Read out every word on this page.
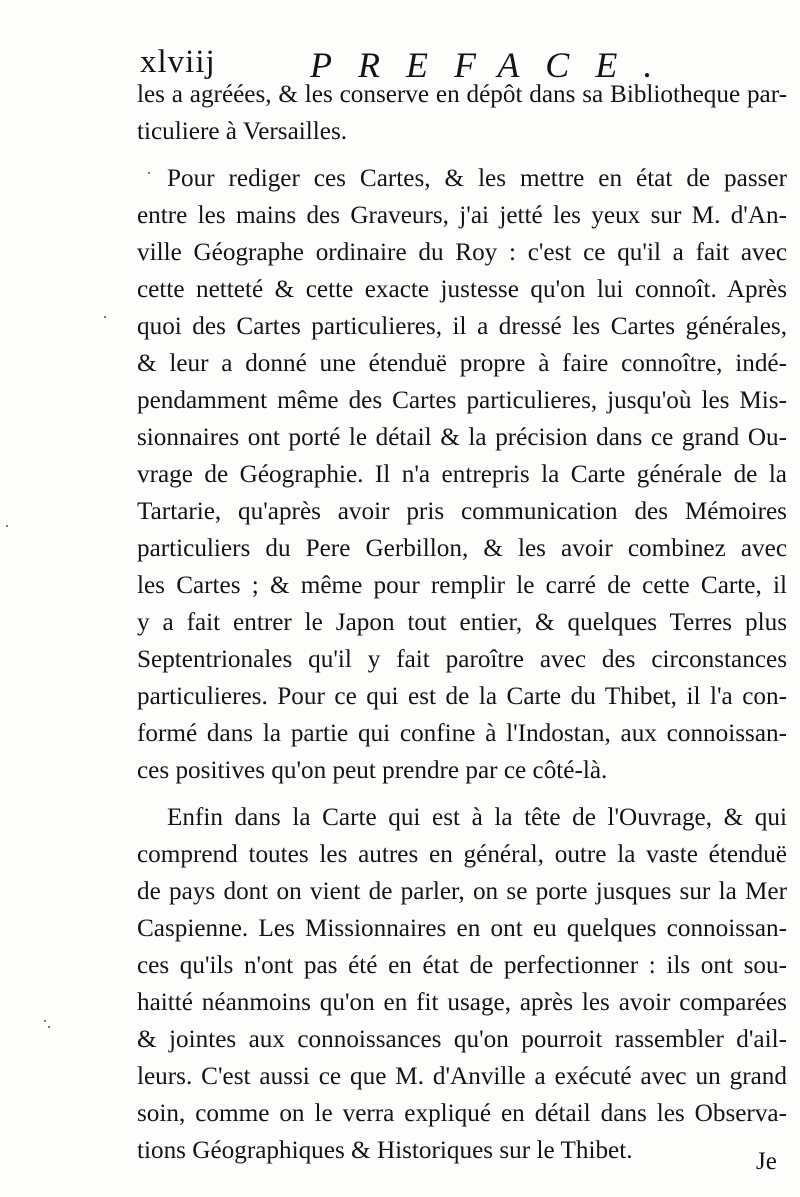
xlviij	PREFACE.
les a agréées, & les conserve en dépôt dans sa Bibliotheque par-
ticuliere à Versailles.
Pour rediger ces Cartes, & les mettre en état de passer
entre les mains des Graveurs, j'ai jetté les yeux sur M. d'An-
ville Géographe ordinaire du Roy : c'est ce qu'il a fait avec
cette netteté & cette exacte justesse qu'on lui connoît. Après
quoi des Cartes particulieres, il a dressé les Cartes générales,
& leur a donné une étenduë propre à faire connoître, indé-
pendamment même des Cartes particulieres, jusqu'où les Mis-
sionnaires ont porté le détail & la précision dans ce grand Ou-
vrage de Géographie. Il n'a entrepris la Carte générale de la
Tartarie, qu'après avoir pris communication des Mémoires
particuliers du Pere Gerbillon, & les avoir combinez avec
les Cartes ; & même pour remplir le carré de cette Carte, il
y a fait entrer le Japon tout entier, & quelques Terres plus
Septentrionales qu'il y fait paroître avec des circonstances
particulieres. Pour ce qui est de la Carte du Thibet, il l'a con-
formé dans la partie qui confine à l'Indostan, aux connoissan-
ces positives qu'on peut prendre par ce côté-là.
Enfin dans la Carte qui est à la tête de l'Ouvrage, & qui
comprend toutes les autres en général, outre la vaste étenduë
de pays dont on vient de parler, on se porte jusques sur la Mer
Caspienne. Les Missionnaires en ont eu quelques connoissan-
ces qu'ils n'ont pas été en état de perfectionner : ils ont sou-
haitté néanmoins qu'on en fit usage, après les avoir comparées
& jointes aux connoissances qu'on pourroit rassembler d'ail-
leurs. C'est aussi ce que M. d'Anville a exécuté avec un grand
soin, comme on le verra expliqué en détail dans les Observa-
tions Géographiques & Historiques sur le Thibet.	Je
